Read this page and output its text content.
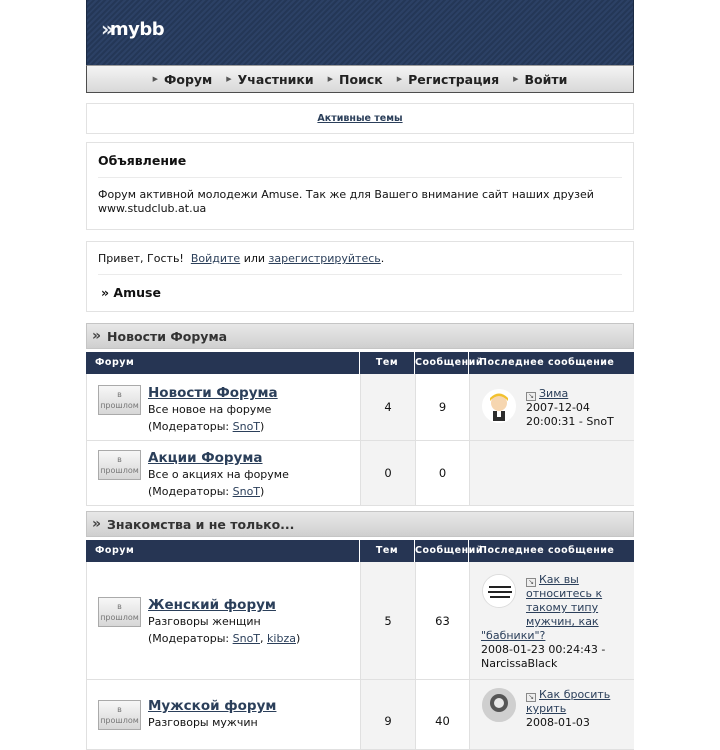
» mybb
▶ Форум ▶ Участники ▶ Поиск ▶ Регистрация ▶ Войти
Активные темы
Объявление

Форум активной молодежи Amuse. Так же для Вашего внимание сайт наших друзей
www.studclub.at.ua

Привет, Гость! Войдите или зарегистрируйтесь.
» Amuse
» Новости Форума
Форум	Тем	Сообщений
Последнее сообщение
в прошлом
Новости Форума
Все новое на форуме
(Модераторы: SnoT)
4	9
↘ Зима
2007-12-04
20:00:31 - SnoT
в прошлом
Акции Форума
Все о акциях на форуме
(Модераторы: SnoT)
0	0
» Знакомства и не только...
Форум	Тем	Сообщений
Последнее сообщение
в прошлом
Женский форум
Разговоры женщин
(Модераторы: SnoT, kibza)
5	63
↘ Как вы
относитесь к
такому типу
мужчин, как
"бабники"?
2008-01-23 00:24:43 -
NarcissaBlack
в прошлом
Мужской форум
Разговоры мужчин	9	40
↘ Как бросить
курить
2008-01-03
